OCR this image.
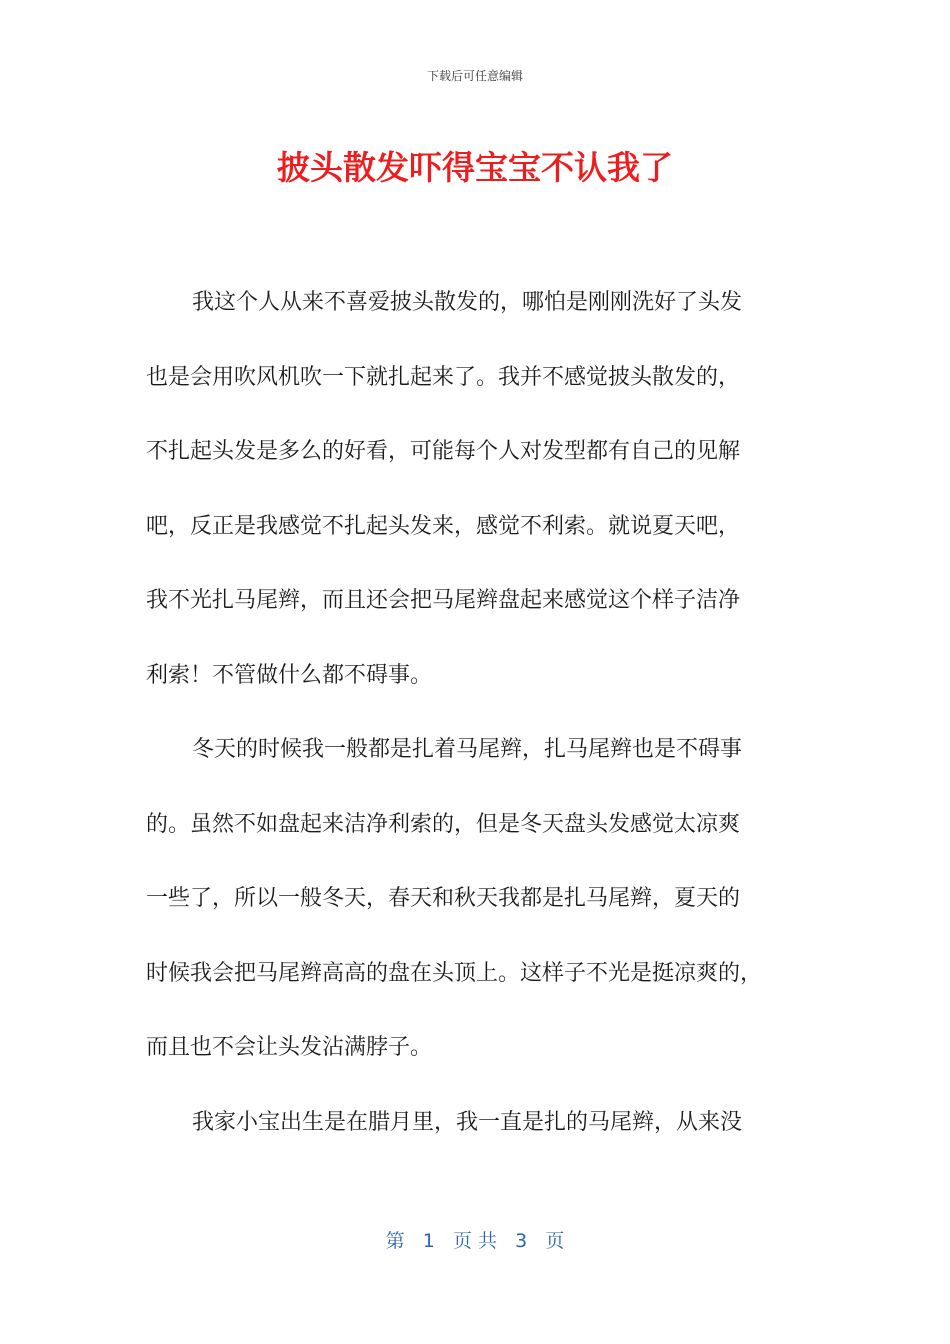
下载后可任意编辑
披头散发吓得宝宝不认我了
我这个人从来不喜爱披头散发的，哪怕是刚刚洗好了头发
也是会用吹风机吹一下就扎起来了。我并不感觉披头散发的，
不扎起头发是多么的好看，可能每个人对发型都有自己的见解
吧，反正是我感觉不扎起头发来，感觉不利索。就说夏天吧，
我不光扎马尾辫，而且还会把马尾辫盘起来感觉这个样子洁净
利索！不管做什么都不碍事。
冬天的时候我一般都是扎着马尾辫，扎马尾辫也是不碍事
的。虽然不如盘起来洁净利索的，但是冬天盘头发感觉太凉爽
一些了，所以一般冬天，春天和秋天我都是扎马尾辫，夏天的
时候我会把马尾辫高高的盘在头顶上。这样子不光是挺凉爽的，
而且也不会让头发沾满脖子。
我家小宝出生是在腊月里，我一直是扎的马尾辫，从来没
第   1   页 共   3   页
